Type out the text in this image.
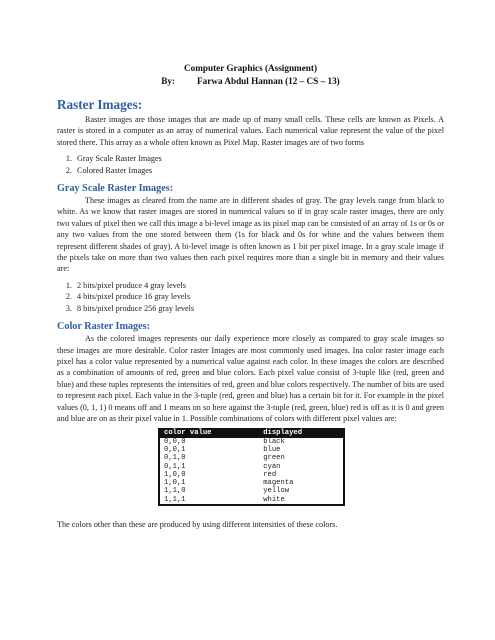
Computer Graphics (Assignment)
By: Farwa Abdul Hannan (12 – CS – 13)
Raster Images:

Raster images are those images that are made up of many small cells. These cells are known as Pixels. A raster is stored in a computer as an array of numerical values. Each numerical value represent the value of the pixel stored there. This array as a whole often known as Pixel Map. Raster images are of two forms

1. Gray Scale Raster Images
2. Colored Raster Images
Gray Scale Raster Images:

These images as cleared from the name are in different shades of gray. The gray levels range from black to white. As we know that raster images are stored in numerical values so if in gray scale raster images, there are only two values of pixel then we call this image a bi-level image as its pixel map can be consisted of an array of 1s or 0s or any two values from the one stored between them (1s for black and 0s for white and the values between them represent different shades of gray). A bi-level image is often known as 1 bit per pixel image. In a gray scale image if the pixels take on more than two values then each pixel requires more than a single bit in memory and their values are:

1. 2 bits/pixel produce 4 gray levels
2. 4 bits/pixel produce 16 gray levels
3. 8 bits/pixel produce 256 gray levels
Color Raster Images:

As the colored images represents our daily experience more closely as compared to gray scale images so these images are more desirable. Color raster Images are most commonly used images. Ina color raster image each pixel has a color value represented by a numerical value against each color. In these images the colors are described as a combination of amounts of red, green and blue colors. Each pixel value consist of 3-tuple like (red, green and blue) and these tuples represents the intensities of red, green and blue colors respectively. The number of bits are used to represent each pixel. Each value in the 3-tuple (red, green and blue) has a certain bit for it. For example in the pixel values (0, 1, 1) 0 means off and 1 means on so here against the 3-tuple (red, green, blue) red is off as it is 0 and green and blue are on as their pixel value in 1. Possible combinations of colors with different pixel values are:

color value	displayed
0,0,0	black
0,0,1	blue
0,1,0	green
0,1,1	cyan
1,0,0	red
1,0,1	magenta
1,1,0	yellow
1,1,1	white

The colors other than these are produced by using different intensities of these colors.
